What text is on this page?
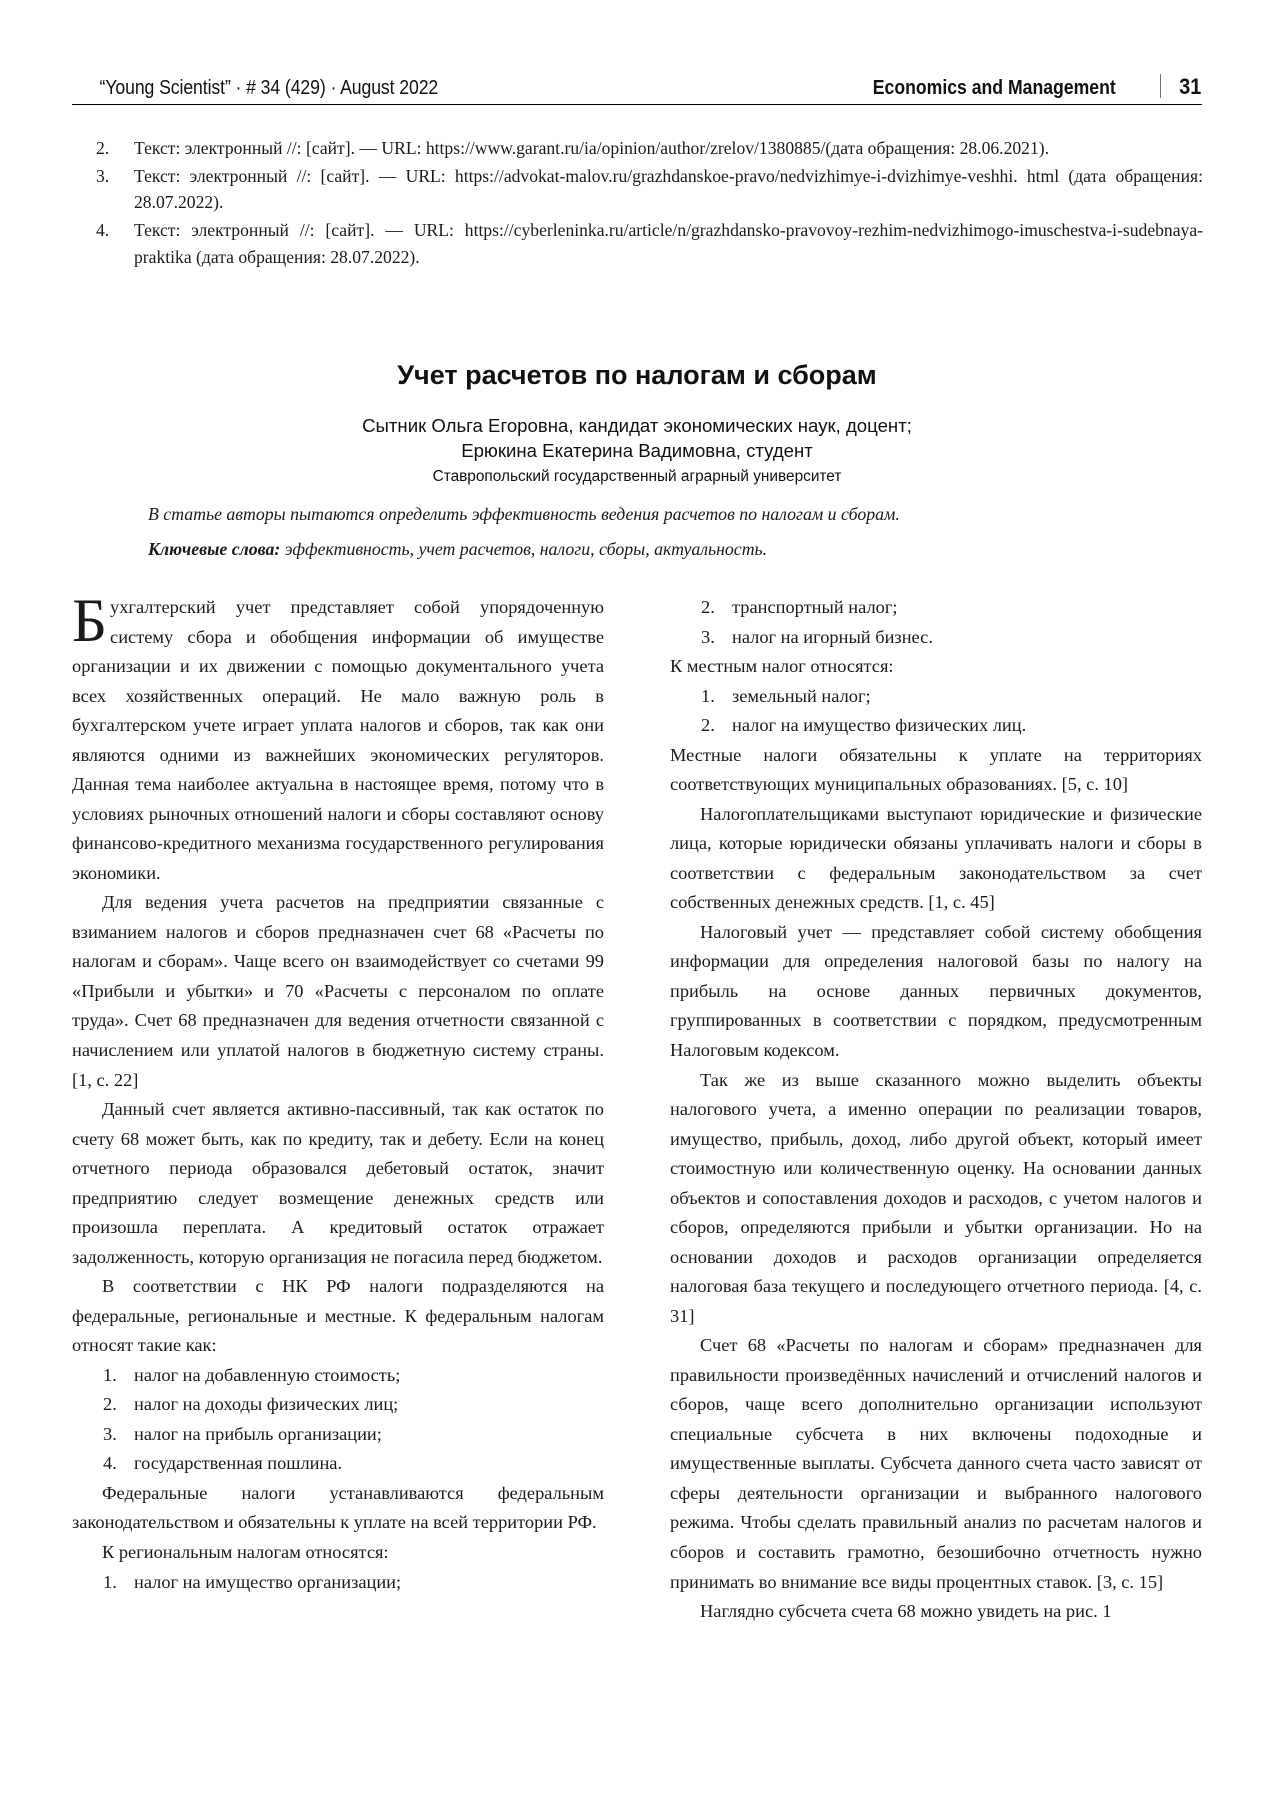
“Young Scientist” · # 34 (429) · August 2022	Economics and Management	31
2.	Текст: электронный //: [сайт]. — URL: https://www.garant.ru/ia/opinion/author/zrelov/1380885/(дата обращения: 28.06.2021).
3.	Текст: электронный //: [сайт]. — URL: https://advokat-malov.ru/grazhdanskoe-pravo/nedvizhimye-i-dvizhimye-veshhi. html (дата обращения: 28.07.2022).
4.	Текст: электронный //: [сайт]. — URL: https://cyberleninka.ru/article/n/grazhdansko-pravovoy-rezhim-nedvizhimogo-imuschestva-i-sudebnaya-praktika (дата обращения: 28.07.2022).
Учет расчетов по налогам и сборам
Сытник Ольга Егоровна, кандидат экономических наук, доцент;
Ерюкина Екатерина Вадимовна, студент
Ставропольский государственный аграрный университет

В статье авторы пытаются определить эффективность ведения расчетов по налогам и сборам.

Ключевые слова: эффективность, учет расчетов, налоги, сборы, актуальность.

Бухгалтерский учет представляет собой упорядоченную систему сбора и обобщения информации об имуществе организации и их движении с помощью документального учета всех хозяйственных операций. Не мало важную роль в бухгалтерском учете играет уплата налогов и сборов, так как они являются одними из важнейших экономических регуляторов. Данная тема наиболее актуальна в настоящее время, потому что в условиях рыночных отношений налоги и сборы составляют основу финансово-кредитного механизма государственного регулирования экономики.

Для ведения учета расчетов на предприятии связанные с взиманием налогов и сборов предназначен счет 68 «Расчеты по налогам и сборам». Чаще всего он взаимодействует со счетами 99 «Прибыли и убытки» и 70 «Расчеты с персоналом по оплате труда». Счет 68 предназначен для ведения отчетности связанной с начислением или уплатой налогов в бюджетную систему страны. [1, с. 22]

Данный счет является активно-пассивный, так как остаток по счету 68 может быть, как по кредиту, так и дебету. Если на конец отчетного периода образовался дебетовый остаток, значит предприятию следует возмещение денежных средств или произошла переплата. А кредитовый остаток отражает задолженность, которую организация не погасила перед бюджетом.

В соответствии с НК РФ налоги подразделяются на федеральные, региональные и местные. К федеральным налогам относят такие как:

1. налог на добавленную стоимость;
2. налог на доходы физических лиц;
3. налог на прибыль организации;
4. государственная пошлина.

Федеральные налоги устанавливаются федеральным законодательством и обязательны к уплате на всей территории РФ.

К региональным налогам относятся:

1. налог на имущество организации;
2. транспортный налог;
3. налог на игорный бизнес.

К местным налог относятся:

1. земельный налог;
2. налог на имущество физических лиц.

Местные налоги обязательны к уплате на территориях соответствующих муниципальных образованиях. [5, с. 10]

Налогоплательщиками выступают юридические и физические лица, которые юридически обязаны уплачивать налоги и сборы в соответствии с федеральным законодательством за счет собственных денежных средств. [1, с. 45]

Налоговый учет — представляет собой систему обобщения информации для определения налоговой базы по налогу на прибыль на основе данных первичных документов, группированных в соответствии с порядком, предусмотренным Налоговым кодексом.

Так же из выше сказанного можно выделить объекты налогового учета, а именно операции по реализации товаров, имущество, прибыль, доход, либо другой объект, который имеет стоимостную или количественную оценку. На основании данных объектов и сопоставления доходов и расходов, с учетом налогов и сборов, определяются прибыли и убытки организации. Но на основании доходов и расходов организации определяется налоговая база текущего и последующего отчетного периода. [4, с. 31]

Счет 68 «Расчеты по налогам и сборам» предназначен для правильности произведённых начислений и отчислений налогов и сборов, чаще всего дополнительно организации используют специальные субсчета в них включены подоходные и имущественные выплаты. Субсчета данного счета часто зависят от сферы деятельности организации и выбранного налогового режима. Чтобы сделать правильный анализ по расчетам налогов и сборов и составить грамотно, безошибочно отчетность нужно принимать во внимание все виды процентных ставок. [3, с. 15]

Наглядно субсчета счета 68 можно увидеть на рис. 1
